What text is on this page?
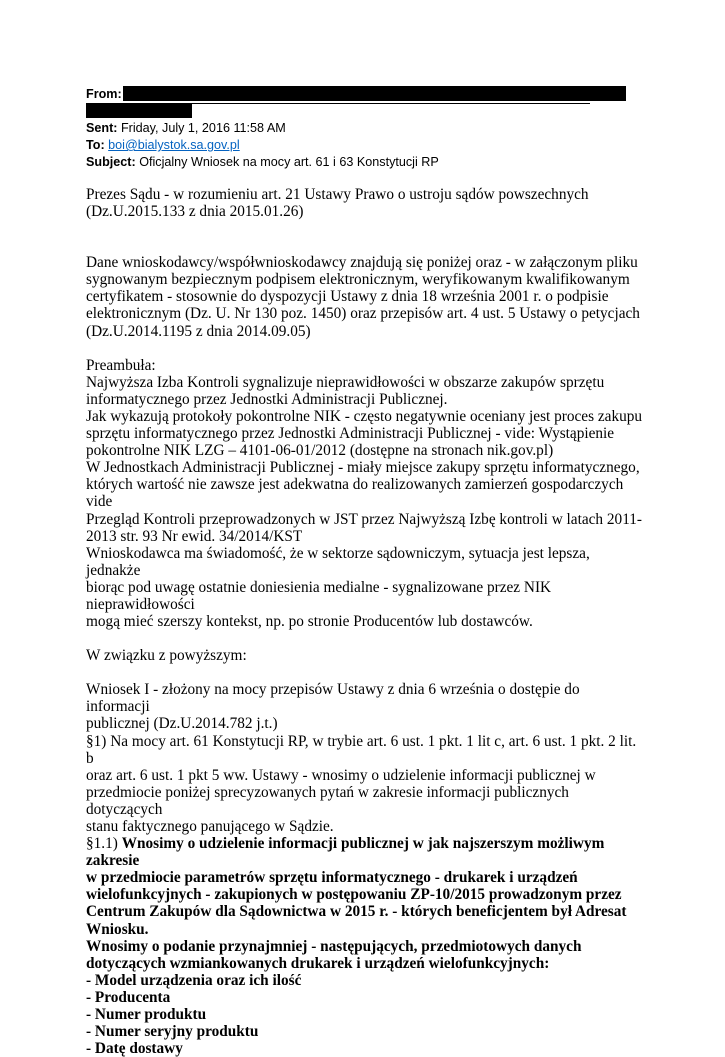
From:
Sent: Friday, July 1, 2016 11:58 AM
To: boi@bialystok.sa.gov.pl
Subject: Oficjalny Wniosek na mocy art. 61 i 63 Konstytucji RP

Prezes Sądu - w rozumieniu art. 21 Ustawy Prawo o ustroju sądów powszechnych

(Dz.U.2015.133 z dnia 2015.01.26)

Dane wnioskodawcy/współwnioskodawcy znajdują się poniżej oraz - w załączonym pliku

sygnowanym bezpiecznym podpisem elektronicznym, weryfikowanym kwalifikowanym

certyfikatem - stosownie do dyspozycji Ustawy z dnia 18 września 2001 r. o podpisie

elektronicznym (Dz. U. Nr 130 poz. 1450) oraz przepisów art. 4 ust. 5 Ustawy o petycjach

(Dz.U.2014.1195 z dnia 2014.09.05)

Preambuła:

Najwyższa Izba Kontroli sygnalizuje nieprawidłowości w obszarze zakupów sprzętu

informatycznego przez Jednostki Administracji Publicznej.

Jak wykazują protokoły pokontrolne NIK - często negatywnie oceniany jest proces zakupu

sprzętu informatycznego przez Jednostki Administracji Publicznej - vide: Wystąpienie

pokontrolne NIK LZG – 4101-06-01/2012 (dostępne na stronach nik.gov.pl)

W Jednostkach Administracji Publicznej - miały miejsce zakupy sprzętu informatycznego,

których wartość nie zawsze jest adekwatna do realizowanych zamierzeń gospodarczych vide

Przegląd Kontroli przeprowadzonych w JST przez Najwyższą Izbę kontroli w latach 2011-

2013 str. 93 Nr ewid. 34/2014/KST

Wnioskodawca ma świadomość, że w sektorze sądowniczym, sytuacja jest lepsza, jednakże

biorąc pod uwagę ostatnie doniesienia medialne - sygnalizowane przez NIK nieprawidłowości

mogą mieć szerszy kontekst, np. po stronie Producentów lub dostawców.

W związku z powyższym:

Wniosek I - złożony na mocy przepisów Ustawy z dnia 6 września o dostępie do informacji

publicznej (Dz.U.2014.782 j.t.)

§1) Na mocy art. 61 Konstytucji RP, w trybie art. 6 ust. 1 pkt. 1 lit c, art. 6 ust. 1 pkt. 2 lit. b

oraz art. 6 ust. 1 pkt 5 ww. Ustawy - wnosimy o udzielenie informacji publicznej w

przedmiocie poniżej sprecyzowanych pytań w zakresie informacji publicznych dotyczących

stanu faktycznego panującego w Sądzie.

§1.1) Wnosimy o udzielenie informacji publicznej w jak najszerszym możliwym zakresie

w przedmiocie parametrów sprzętu informatycznego - drukarek i urządzeń

wielofunkcyjnych - zakupionych w postępowaniu ZP-10/2015 prowadzonym przez

Centrum Zakupów dla Sądownictwa w 2015 r. - których beneficjentem był Adresat

Wniosku.

Wnosimy o podanie przynajmniej - następujących, przedmiotowych danych

dotyczących wzmiankowanych drukarek i urządzeń wielofunkcyjnych:

- Model urządzenia oraz ich ilość

- Producenta

- Numer produktu

- Numer seryjny produktu

- Datę dostawy
